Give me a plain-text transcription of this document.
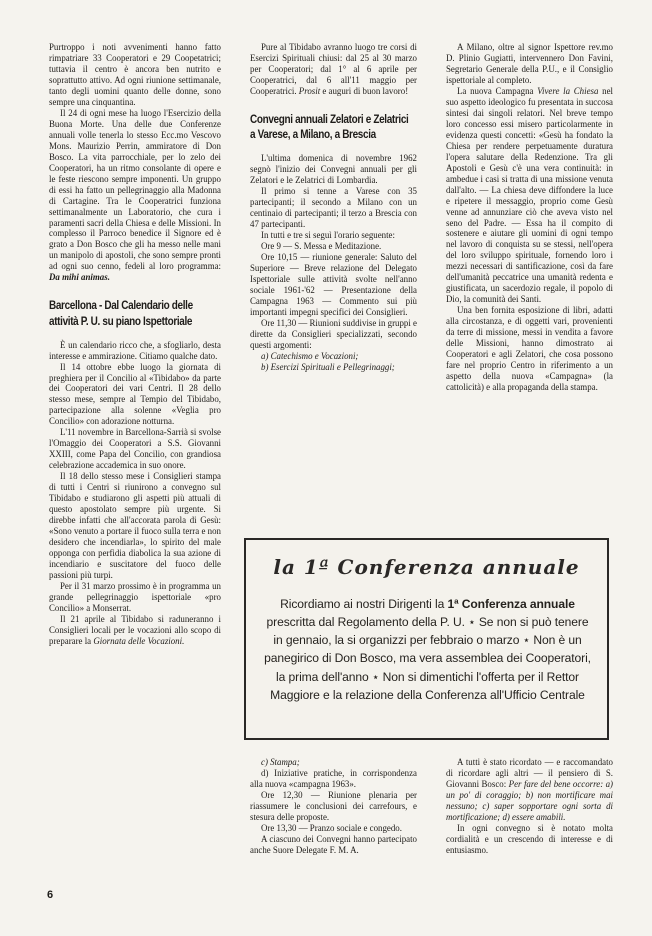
Purtroppo i noti avvenimenti hanno fatto rimpatriare 33 Cooperatori e 29 Coopetatrici; tuttavia il centro è ancora ben nutrito e soprattutto attivo. Ad ogni riunione settimanale, tanto degli uomini quanto delle donne, sono sempre una cinquantina.

Il 24 di ogni mese ha luogo l'Esercizio della Buona Morte. Una delle due Conferenze annuali volle tenerla lo stesso Ecc.mo Vescovo Mons. Maurizio Perrin, ammiratore di Don Bosco. La vita parrocchiale, per lo zelo dei Cooperatori, ha un ritmo consolante di opere e le feste riescono sempre imponenti. Un gruppo di essi ha fatto un pellegrinaggio alla Madonna di Cartagine. Tra le Cooperatrici funziona settimanalmente un Laboratorio, che cura i paramenti sacri della Chiesa e delle Missioni. In complesso il Parroco benedice il Signore ed è grato a Don Bosco che gli ha messo nelle mani un manipolo di apostoli, che sono sempre pronti ad ogni suo cenno, fedeli al loro programma: Da mihi animas.

Barcellona - Dal Calendario delle attività P. U. su piano Ispettoriale

È un calendario ricco che, a sfogliarlo, desta interesse e ammirazione. Citiamo qualche dato.

Il 14 ottobre ebbe luogo la giornata di preghiera per il Concilio al «Tibidabo» da parte dei Cooperatori dei vari Centri. Il 28 dello stesso mese, sempre al Tempio del Tibidabo, partecipazione alla solenne «Veglia pro Concilio» con adorazione notturna.

L'11 novembre in Barcellona-Sarrià si svolse l'Omaggio dei Cooperatori a S.S. Giovanni XXIII, come Papa del Concilio, con grandiosa celebrazione accademica in suo onore.

Il 18 dello stesso mese i Consiglieri stampa di tutti i Centri si riunirono a convegno sul Tibidabo e studiarono gli aspetti più attuali di questo apostolato sempre più urgente. Si direbbe infatti che all'accorata parola di Gesù: «Sono venuto a portare il fuoco sulla terra e non desidero che incendiarla», lo spirito del male opponga con perfidia diabolica la sua azione di incendiario e suscitatore del fuoco delle passioni più turpi.

Per il 31 marzo prossimo è in programma un grande pellegrinaggio ispettoriale «pro Concilio» a Monserrat.

Il 21 aprile al Tibidabo si raduneranno i Consiglieri locali per le vocazioni allo scopo di preparare la Giornata delle Vocazioni.

Pure al Tibidabo avranno luogo tre corsi di Esercizi Spirituali chiusi: dal 25 al 30 marzo per Cooperatori; dal 1° al 6 aprile per Cooperatrici, dal 6 all'11 maggio per Cooperatrici. Prosit e auguri di buon lavoro!

Convegni annuali Zelatori e Zelatrici a Varese, a Milano, a Brescia

L'ultima domenica di novembre 1962 segnò l'inizio dei Convegni annuali per gli Zelatori e le Zelatrici di Lombardia.

Il primo si tenne a Varese con 35 partecipanti; il secondo a Milano con un centinaio di partecipanti; il terzo a Brescia con 47 partecipanti.

In tutti e tre si seguì l'orario seguente:

Ore 9 — S. Messa e Meditazione.

Ore 10,15 — riunione generale: Saluto del Superiore — Breve relazione del Delegato Ispettoriale sulle attività svolte nell'anno sociale 1961-'62 — Presentazione della Campagna 1963 — Commento sui più importanti impegni specifici dei Consiglieri.

Ore 11,30 — Riunioni suddivise in gruppi e dirette da Consiglieri specializzati, secondo questi argomenti:

a) Catechismo e Vocazioni;

b) Esercizi Spirituali e Pellegrinaggi;

A Milano, oltre al signor Ispettore rev.mo D. Plinio Gugiatti, intervennero Don Favini, Segretario Generale della P.U., e il Consiglio ispettoriale al completo.

La nuova Campagna Vivere la Chiesa nel suo aspetto ideologico fu presentata in succosa sintesi dai singoli relatori. Nel breve tempo loro concesso essi misero particolarmente in evidenza questi concetti: «Gesù ha fondato la Chiesa per rendere perpetuamente duratura l'opera salutare della Redenzione. Tra gli Apostoli e Gesù c'è una vera continuità: in ambedue i casi si tratta di una missione venuta dall'alto. — La chiesa deve diffondere la luce e ripetere il messaggio, proprio come Gesù venne ad annunziare ciò che aveva visto nel seno del Padre. — Essa ha il compito di sostenere e aiutare gli uomini di ogni tempo nel lavoro di conquista su se stessi, nell'opera del loro sviluppo spirituale, fornendo loro i mezzi necessari di santificazione, così da fare dell'umanità peccatrice una umanità redenta e giustificata, un sacerdozio regale, il popolo di Dio, la comunità dei Santi.

Una ben fornita esposizione di libri, adatti alla circostanza, e di oggetti vari, provenienti da terre di missione, messi in vendita a favore delle Missioni, hanno dimostrato ai Cooperatori e agli Zelatori, che cosa possono fare nel proprio Centro in riferimento a un aspetto della nuova «Campagna» (la cattolicità) e alla propaganda della stampa.

la 1ª Conferenza annuale
Ricordiamo ai nostri Dirigenti la 1ª Conferenza annuale prescritta dal Regolamento della P. U. ⋆ Se non si può tenere in gennaio, la si organizzi per febbraio o marzo ⋆ Non è un panegirico di Don Bosco, ma vera assemblea dei Cooperatori, la prima dell'anno ⋆ Non si dimentichi l'offerta per il Rettor Maggiore e la relazione della Conferenza all'Ufficio Centrale

c) Stampa;

d) Iniziative pratiche, in corrispondenza alla nuova «campagna 1963».

Ore 12,30 — Riunione plenaria per riassumere le conclusioni dei carrefours, e stesura delle proposte.

Ore 13,30 — Pranzo sociale e congedo.

A ciascuno dei Convegni hanno partecipato anche Suore Delegate F. M. A.

A tutti è stato ricordato — e raccomandato di ricordare agli altri — il pensiero di S. Giovanni Bosco: Per fare del bene occorre: a) un po' di coraggio; b) non mortificare mai nessuno; c) saper sopportare ogni sorta di mortificazione; d) essere amabili.

In ogni convegno si è notato molta cordialità e un crescendo di interesse e di entusiasmo.

6
